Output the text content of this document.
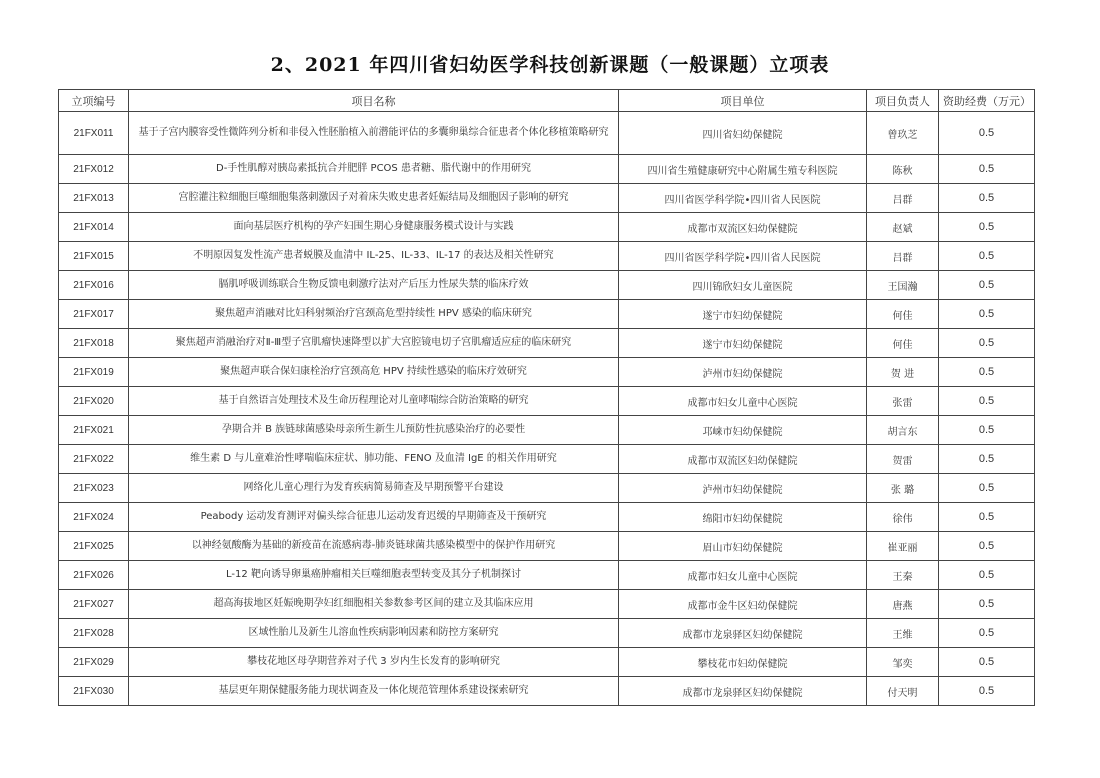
2、2021 年四川省妇幼医学科技创新课题（一般课题）立项表
立项编号	项目名称	项目单位	项目负责人	资助经费（万元）
21FX011	基于子宫内膜容受性微阵列分析和非侵入性胚胎植入前潜能评估的多囊卵巢综合征患者个体化移植策略研究	四川省妇幼保健院	曾玖芝	0.5
21FX012	D-手性肌醇对胰岛素抵抗合并肥胖 PCOS 患者糖、脂代谢中的作用研究	四川省生殖健康研究中心附属生殖专科医院	陈秋	0.5
21FX013	宫腔灌注粒细胞巨噬细胞集落刺激因子对着床失败史患者妊娠结局及细胞因子影响的研究	四川省医学科学院•四川省人民医院	吕群	0.5
21FX014	面向基层医疗机构的孕产妇围生期心身健康服务模式设计与实践	成都市双流区妇幼保健院	赵斌	0.5
21FX015	不明原因复发性流产患者蜕膜及血清中 IL-25、IL-33、IL-17 的表达及相关性研究	四川省医学科学院•四川省人民医院	吕群	0.5
21FX016	膈肌呼吸训练联合生物反馈电刺激疗法对产后压力性尿失禁的临床疗效	四川锦欣妇女儿童医院	王国瀚	0.5
21FX017	聚焦超声消融对比妇科射频治疗宫颈高危型持续性 HPV 感染的临床研究	遂宁市妇幼保健院	何佳	0.5
21FX018	聚焦超声消融治疗对Ⅱ-Ⅲ型子宫肌瘤快速降型以扩大宫腔镜电切子宫肌瘤适应症的临床研究	遂宁市妇幼保健院	何佳	0.5
21FX019	聚焦超声联合保妇康栓治疗宫颈高危 HPV 持续性感染的临床疗效研究	泸州市妇幼保健院	贺 进	0.5
21FX020	基于自然语言处理技术及生命历程理论对儿童哮喘综合防治策略的研究	成都市妇女儿童中心医院	张雷	0.5
21FX021	孕期合并 B 族链球菌感染母亲所生新生儿预防性抗感染治疗的必要性	邛崃市妇幼保健院	胡言东	0.5
21FX022	维生素 D 与儿童难治性哮喘临床症状、肺功能、FENO 及血清 IgE 的相关作用研究	成都市双流区妇幼保健院	贺雷	0.5
21FX023	网络化儿童心理行为发育疾病简易筛查及早期预警平台建设	泸州市妇幼保健院	张 璐	0.5
21FX024	Peabody 运动发育测评对偏头综合征患儿运动发育迟缓的早期筛查及干预研究	绵阳市妇幼保健院	徐伟	0.5
21FX025	以神经氨酸酶为基础的新疫苗在流感病毒-肺炎链球菌共感染模型中的保护作用研究	眉山市妇幼保健院	崔亚丽	0.5
21FX026	L-12 靶向诱导卵巢癌肿瘤相关巨噬细胞表型转变及其分子机制探讨	成都市妇女儿童中心医院	王秦	0.5
21FX027	超高海拔地区妊娠晚期孕妇红细胞相关参数参考区间的建立及其临床应用	成都市金牛区妇幼保健院	唐燕	0.5
21FX028	区域性胎儿及新生儿溶血性疾病影响因素和防控方案研究	成都市龙泉驿区妇幼保健院	王维	0.5
21FX029	攀枝花地区母孕期营养对子代 3 岁内生长发育的影响研究	攀枝花市妇幼保健院	邹奕	0.5
21FX030	基层更年期保健服务能力现状调查及一体化规范管理体系建设探索研究	成都市龙泉驿区妇幼保健院	付天明	0.5
